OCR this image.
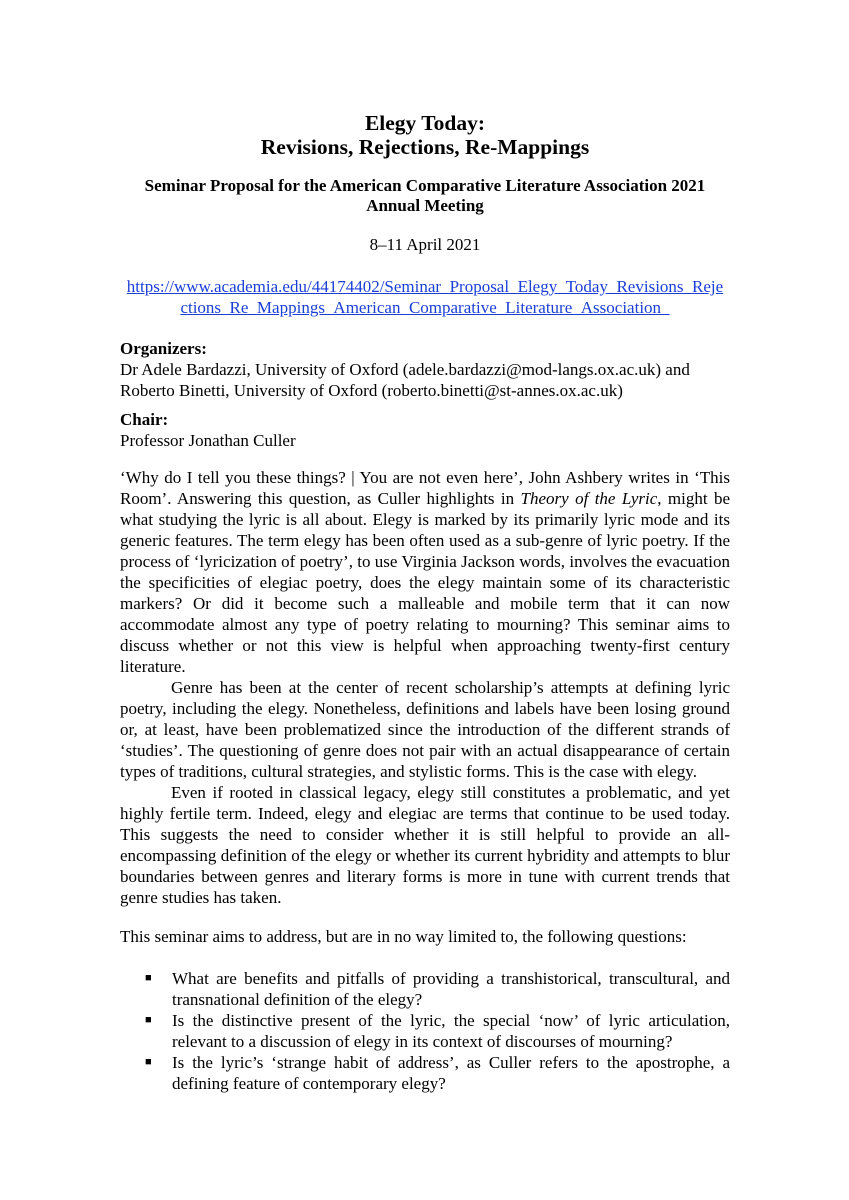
Elegy Today:
Revisions, Rejections, Re-Mappings
Seminar Proposal for the American Comparative Literature Association 2021
Annual Meeting
8–11 April 2021
https://www.academia.edu/44174402/Seminar_Proposal_Elegy_Today_Revisions_Reje
ctions_Re_Mappings_American_Comparative_Literature_Association_
Organizers:
Dr Adele Bardazzi, University of Oxford (adele.bardazzi@mod-langs.ox.ac.uk) and
Roberto Binetti, University of Oxford (roberto.binetti@st-annes.ox.ac.uk)
Chair:
Professor Jonathan Culler

‘Why do I tell you these things? | You are not even here’, John Ashbery writes in ‘This Room’. Answering this question, as Culler highlights in Theory of the Lyric, might be what studying the lyric is all about. Elegy is marked by its primarily lyric mode and its generic features. The term elegy has been often used as a sub-genre of lyric poetry. If the process of ‘lyricization of poetry’, to use Virginia Jackson words, involves the evacuation the specificities of elegiac poetry, does the elegy maintain some of its characteristic markers? Or did it become such a malleable and mobile term that it can now accommodate almost any type of poetry relating to mourning? This seminar aims to discuss whether or not this view is helpful when approaching twenty-first century literature.

Genre has been at the center of recent scholarship’s attempts at defining lyric poetry, including the elegy. Nonetheless, definitions and labels have been losing ground or, at least, have been problematized since the introduction of the different strands of ‘studies’. The questioning of genre does not pair with an actual disappearance of certain types of traditions, cultural strategies, and stylistic forms. This is the case with elegy.

Even if rooted in classical legacy, elegy still constitutes a problematic, and yet highly fertile term. Indeed, elegy and elegiac are terms that continue to be used today. This suggests the need to consider whether it is still helpful to provide an all-encompassing definition of the elegy or whether its current hybridity and attempts to blur boundaries between genres and literary forms is more in tune with current trends that genre studies has taken.

This seminar aims to address, but are in no way limited to, the following questions:
■ What are benefits and pitfalls of providing a transhistorical, transcultural, and transnational definition of the elegy?
■ Is the distinctive present of the lyric, the special ‘now’ of lyric articulation, relevant to a discussion of elegy in its context of discourses of mourning?
■ Is the lyric’s ‘strange habit of address’, as Culler refers to the apostrophe, a defining feature of contemporary elegy?
